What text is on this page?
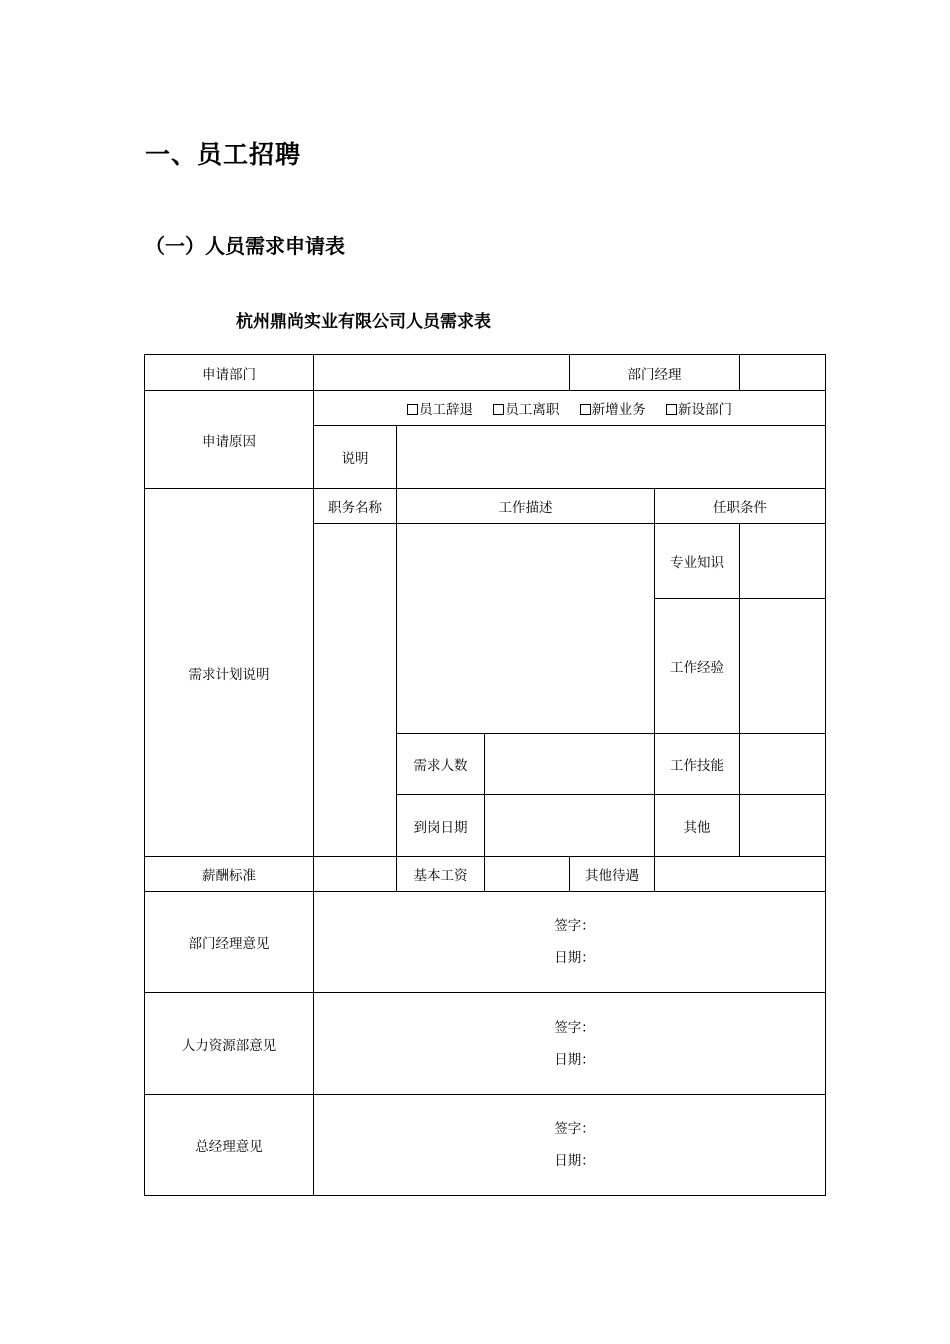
一、员工招聘
（一）人员需求申请表
杭州鼎尚实业有限公司人员需求表
申请部门				部门经理		
申请原因	员工辞退 员工离职 新增业务 新设部门					
	说明					
需求计划说明	职务名称	工作描述			任职条件	
					专业知识	
					工作经验	
		需求人数			工作技能	
		到岗日期			其他	
薪酬标准		基本工资		其他待遇		
部门经理意见	签字：
日期：					
人力资源部意见	签字：
日期：					
总经理意见	签字：
日期：					
